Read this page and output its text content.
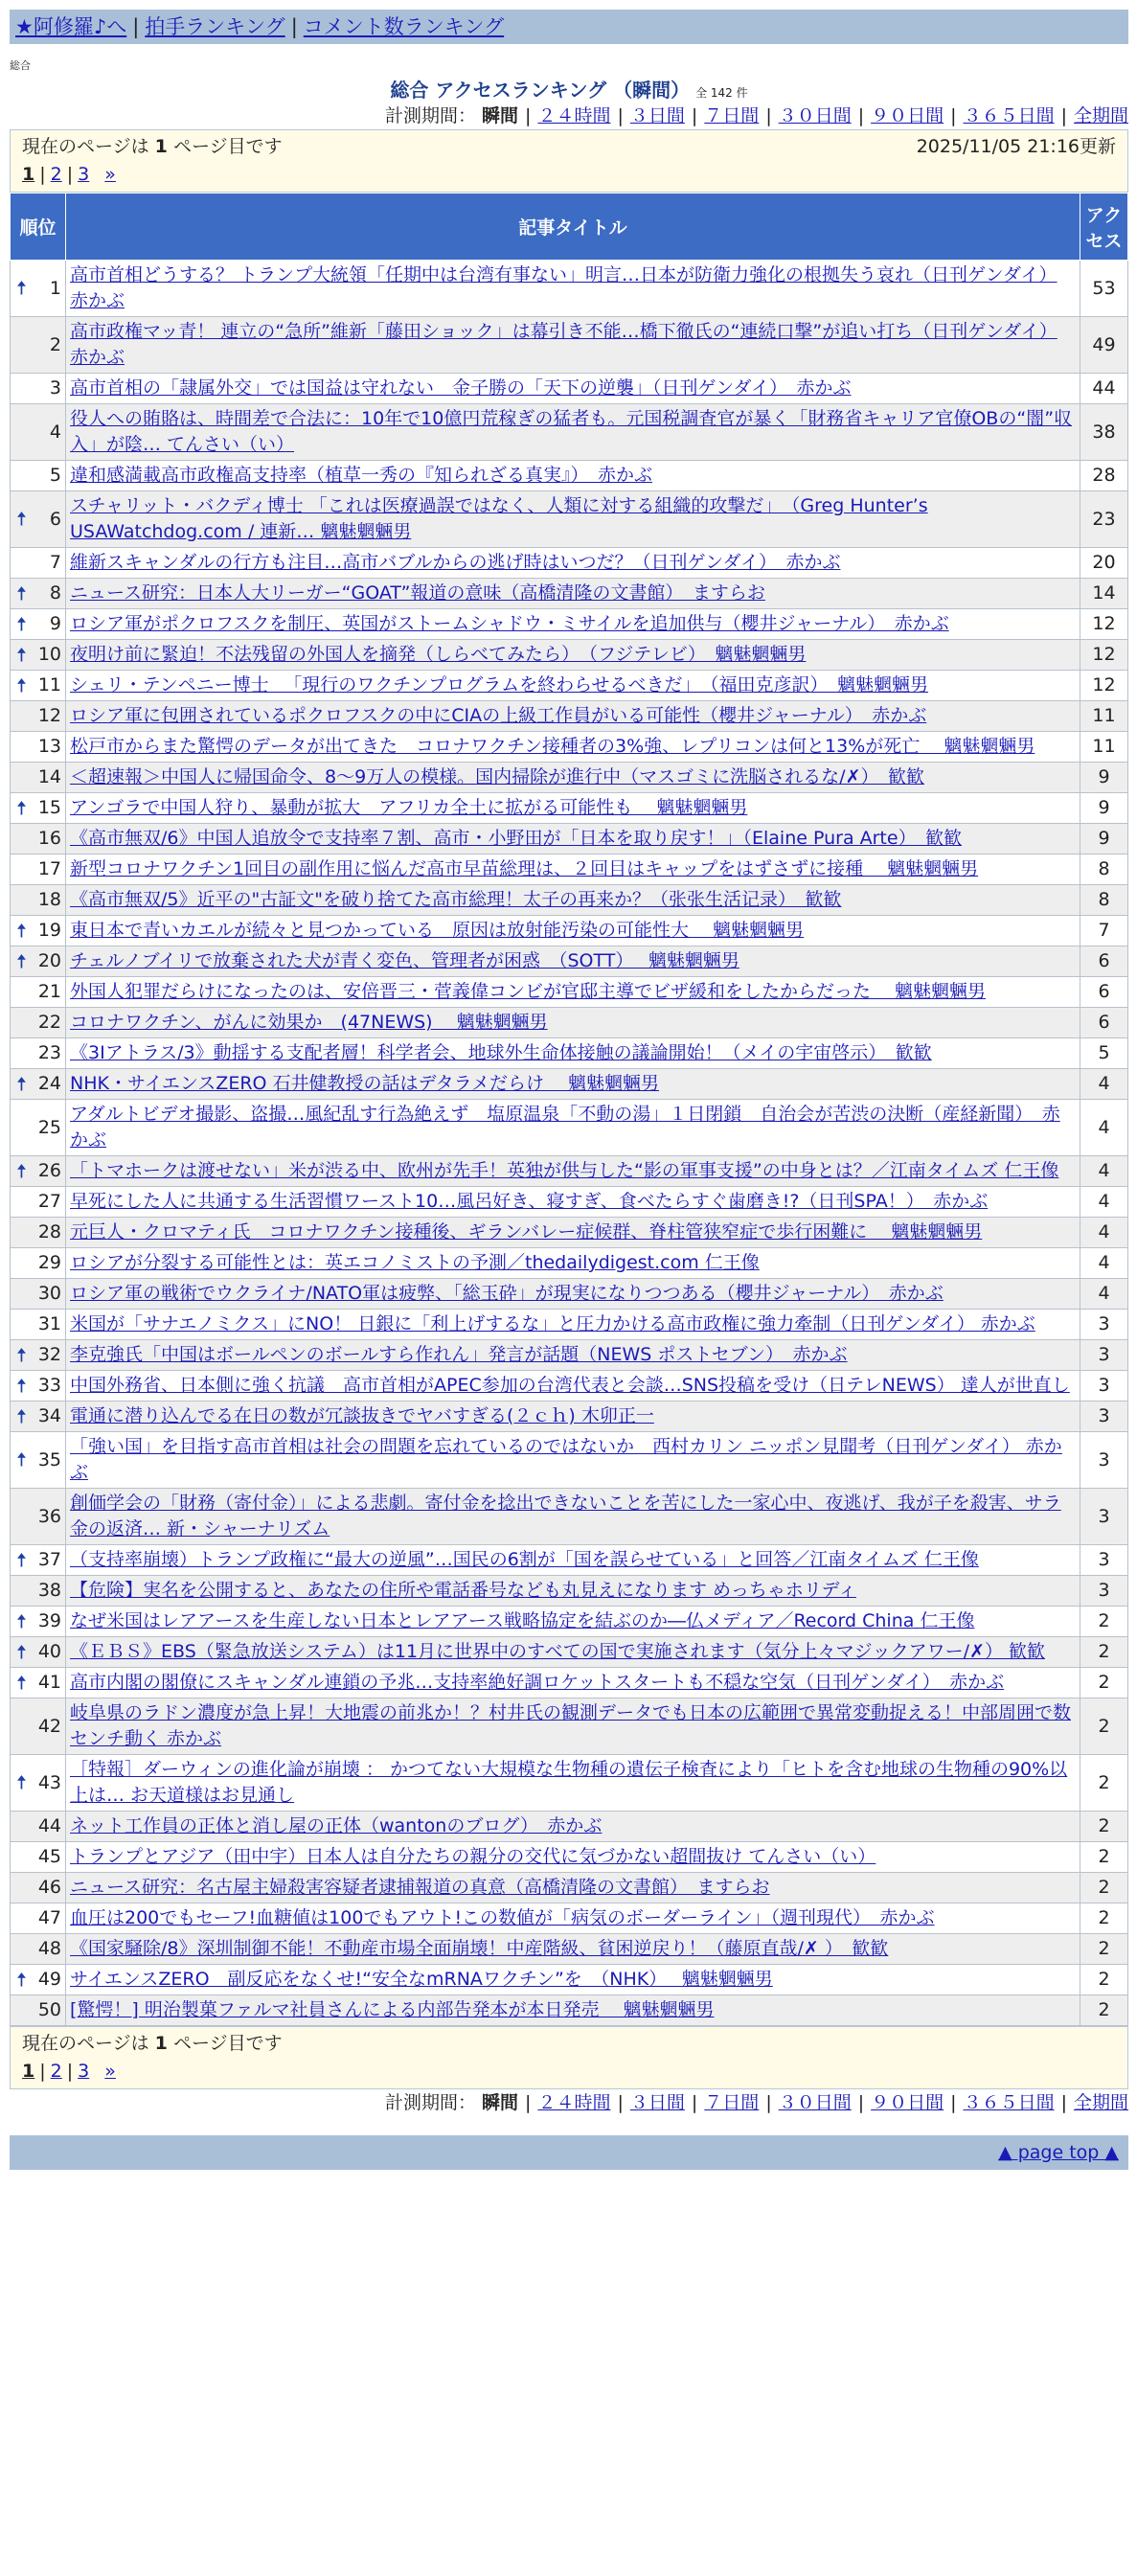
★阿修羅♪へ | 拍手ランキング | コメント数ランキング
総合
総合 アクセスランキング （瞬間） 全 142 件
計測期間： 瞬間 | ２４時間 | ３日間 | ７日間 | ３０日間 | ９０日間 | ３６５日間 | 全期間
現在のページは 1 ページ目です	2025/11/05 21:16更新
1 | 2 | 3 »
順位	記事タイトル	アクセス

🠅 1	高市首相どうする？ トランプ大統領「任期中は台湾有事ない」明言…日本が防衛力強化の根拠失う哀れ（日刊ゲンダイ） 赤かぶ	53
2	高市政権マッ青！ 連立の“急所”維新「藤田ショック」は幕引き不能…橋下徹氏の“連続口撃”が追い打ち（日刊ゲンダイ） 赤かぶ	49
3	高市首相の「隷属外交」では国益は守れない　金子勝の「天下の逆襲」（日刊ゲンダイ）　赤かぶ	44
4	役人への賄賂は、時間差で合法に：10年で10億円荒稼ぎの猛者も。元国税調査官が暴く「財務省キャリア官僚OBの“闇”収入」が陰… てんさい（い）	38
5	違和感満載高市政権高支持率（植草一秀の『知られざる真実』）　赤かぶ	28

🠅 6	スチャリット・バクディ博士 「これは医療過誤ではなく、人類に対する組織的攻撃だ」　（Greg Hunter’s USAWatchdog.com / 連新… 魑魅魍魎男	23
7	維新スキャンダルの行方も注目…高市バブルからの逃げ時はいつだ？（日刊ゲンダイ）　赤かぶ	20

🠅 8	ニュース研究：日本人大リーガー“GOAT”報道の意味（高橋清隆の文書館）　ますらお	14

🠅 9	ロシア軍がポクロフスクを制圧、英国がストームシャドウ・ミサイルを追加供与（櫻井ジャーナル）　赤かぶ	12

🠅 10	夜明け前に緊迫！不法残留の外国人を摘発（しらべてみたら）　（フジテレビ）　魑魅魍魎男	12

🠅 11	シェリ・テンペニー博士 　「現行のワクチンプログラムを終わらせるべきだ」　（福田克彦訳）　魑魅魍魎男	12
12	ロシア軍に包囲されているポクロフスクの中にCIAの上級工作員がいる可能性（櫻井ジャーナル）　赤かぶ	11
13	松戸市からまた驚愕のデータが出てきた　コロナワクチン接種者の3%強、レプリコンは何と13%が死亡　 魑魅魍魎男	11
14	＜超速報＞中国人に帰国命令、8〜9万人の模様。国内掃除が進行中（マスゴミに洗脳されるな/✗）　歓歓	9

🠅 15	アンゴラで中国人狩り、暴動が拡大　アフリカ全土に拡がる可能性も　 魑魅魍魎男	9
16	《高市無双/6》中国人追放令で支持率７割、高市・小野田が「日本を取り戻す！」（Elaine Pura Arte）　歓歓	9
17	新型コロナワクチン1回目の副作用に悩んだ高市早苗総理は、２回目はキャップをはずさずに接種　 魑魅魍魎男	8
18	《高市無双/5》近平の"古証文"を破り捨てた高市総理！太子の再来か？（张张生活记录）　歓歓	8

🠅 19	東日本で青いカエルが続々と見つかっている　原因は放射能汚染の可能性大　 魑魅魍魎男	7

🠅 20	チェルノブイリで放棄された犬が青く変色、管理者が困惑　（SOTT）　 魑魅魍魎男	6
21	外国人犯罪だらけになったのは、安倍晋三・菅義偉コンビが官邸主導でビザ緩和をしたからだった　 魑魅魍魎男	6
22	コロナワクチン、がんに効果か　(47NEWS)　 魑魅魍魎男	6
23	《3Iアトラス/3》動揺する支配者層！科学者会、地球外生命体接触の議論開始！（メイの宇宙啓示）　歓歓	5

🠅 24	NHK・サイエンスZERO 石井健教授の話はデタラメだらけ　 魑魅魍魎男	4
25	アダルトビデオ撮影、盗撮…風紀乱す行為絶えず　塩原温泉「不動の湯」１日閉鎖　自治会が苦渋の決断（産経新聞）　赤かぶ	4

🠅 26	「トマホークは渡せない」米が渋る中、欧州が先手！英独が供与した“影の軍事支援”の中身とは？／江南タイムズ 仁王像	4
27	早死にした人に共通する生活習慣ワースト10…風呂好き、寝すぎ、食べたらすぐ歯磨き!?（日刊SPA！）　赤かぶ	4
28	元巨人・クロマティ氏　コロナワクチン接種後、ギランバレー症候群、脊柱管狭窄症で歩行困難に　 魑魅魍魎男	4
29	ロシアが分裂する可能性とは：英エコノミストの予測／thedailydigest.com 仁王像	4
30	ロシア軍の戦術でウクライナ/NATO軍は疲弊、「総玉砕」が現実になりつつある（櫻井ジャーナル）　赤かぶ	4
31	米国が「サナエノミクス」にNO！ 日銀に「利上げするな」と圧力かける高市政権に強力牽制（日刊ゲンダイ） 赤かぶ	3

🠅 32	李克強氏「中国はボールペンのボールすら作れん」発言が話題（NEWS ポストセブン）　赤かぶ	3

🠅 33	中国外務省、日本側に強く抗議　高市首相がAPEC参加の台湾代表と会談…SNS投稿を受け（日テレNEWS） 達人が世直し	3

🠅 34	電通に潜り込んでる在日の数が冗談抜きでヤバすぎる(２ｃｈ) 木卯正一	3

🠅 35	「強い国」を目指す高市首相は社会の問題を忘れているのではないか　西村カリン ニッポン見聞考（日刊ゲンダイ） 赤かぶ	3
36	創価学会の「財務（寄付金）」による悲劇。寄付金を捻出できないことを苦にした一家心中、夜逃げ、我が子を殺害、サラ金の返済… 新・シャーナリズム	3

🠅 37	（支持率崩壊）トランプ政権に“最大の逆風”…国民の6割が「国を誤らせている」と回答／江南タイムズ 仁王像	3
38	【危険】実名を公開すると、あなたの住所や電話番号なども丸見えになります めっちゃホリディ	3

🠅 39	なぜ米国はレアアースを生産しない日本とレアアース戦略協定を結ぶのか―仏メディア／Record China 仁王像	2

🠅 40	《ＥＢＳ》EBS（緊急放送システム）は11月に世界中のすべての国で実施されます（気分上々マジックアワー/✗） 歓歓	2

🠅 41	高市内閣の閣僚にスキャンダル連鎖の予兆…支持率絶好調ロケットスタートも不穏な空気（日刊ゲンダイ）　赤かぶ	2
42	岐阜県のラドン濃度が急上昇！大地震の前兆か！？村井氏の観測データでも日本の広範囲で異常変動捉える！中部周囲で数センチ動く 赤かぶ	2

🠅 43	［特報］ダーウィンの進化論が崩壊 ： かつてない大規模な生物種の遺伝子検査により「ヒトを含む地球の生物種の90%以上は… お天道様はお見通し	2
44	ネット工作員の正体と消し屋の正体（wantonのブログ）　赤かぶ	2
45	トランプとアジア（田中宇）日本人は自分たちの親分の交代に気づかない超間抜け てんさい（い）	2
46	ニュース研究：名古屋主婦殺害容疑者逮捕報道の真意（高橋清隆の文書館）　ますらお	2
47	血圧は200でもセーフ!血糖値は100でもアウト!この数値が「病気のボーダーライン」（週刊現代）　赤かぶ	2
48	《国家騒除/8》深圳制御不能！不動産市場全面崩壊！中産階級、貧困逆戻り！（藤原直哉/✗ ）　歓歓	2

🠅 49	サイエンスZERO　副反応をなくせ!“安全なmRNAワクチン”を　（NHK）　 魑魅魍魎男	2
50	[驚愕！] 明治製菓ファルマ社員さんによる内部告発本が本日発売　 魑魅魍魎男	2
現在のページは 1 ページ目です
1 | 2 | 3 »
計測期間： 瞬間 | ２４時間 | ３日間 | ７日間 | ３０日間 | ９０日間 | ３６５日間 | 全期間
▲ page top ▲
